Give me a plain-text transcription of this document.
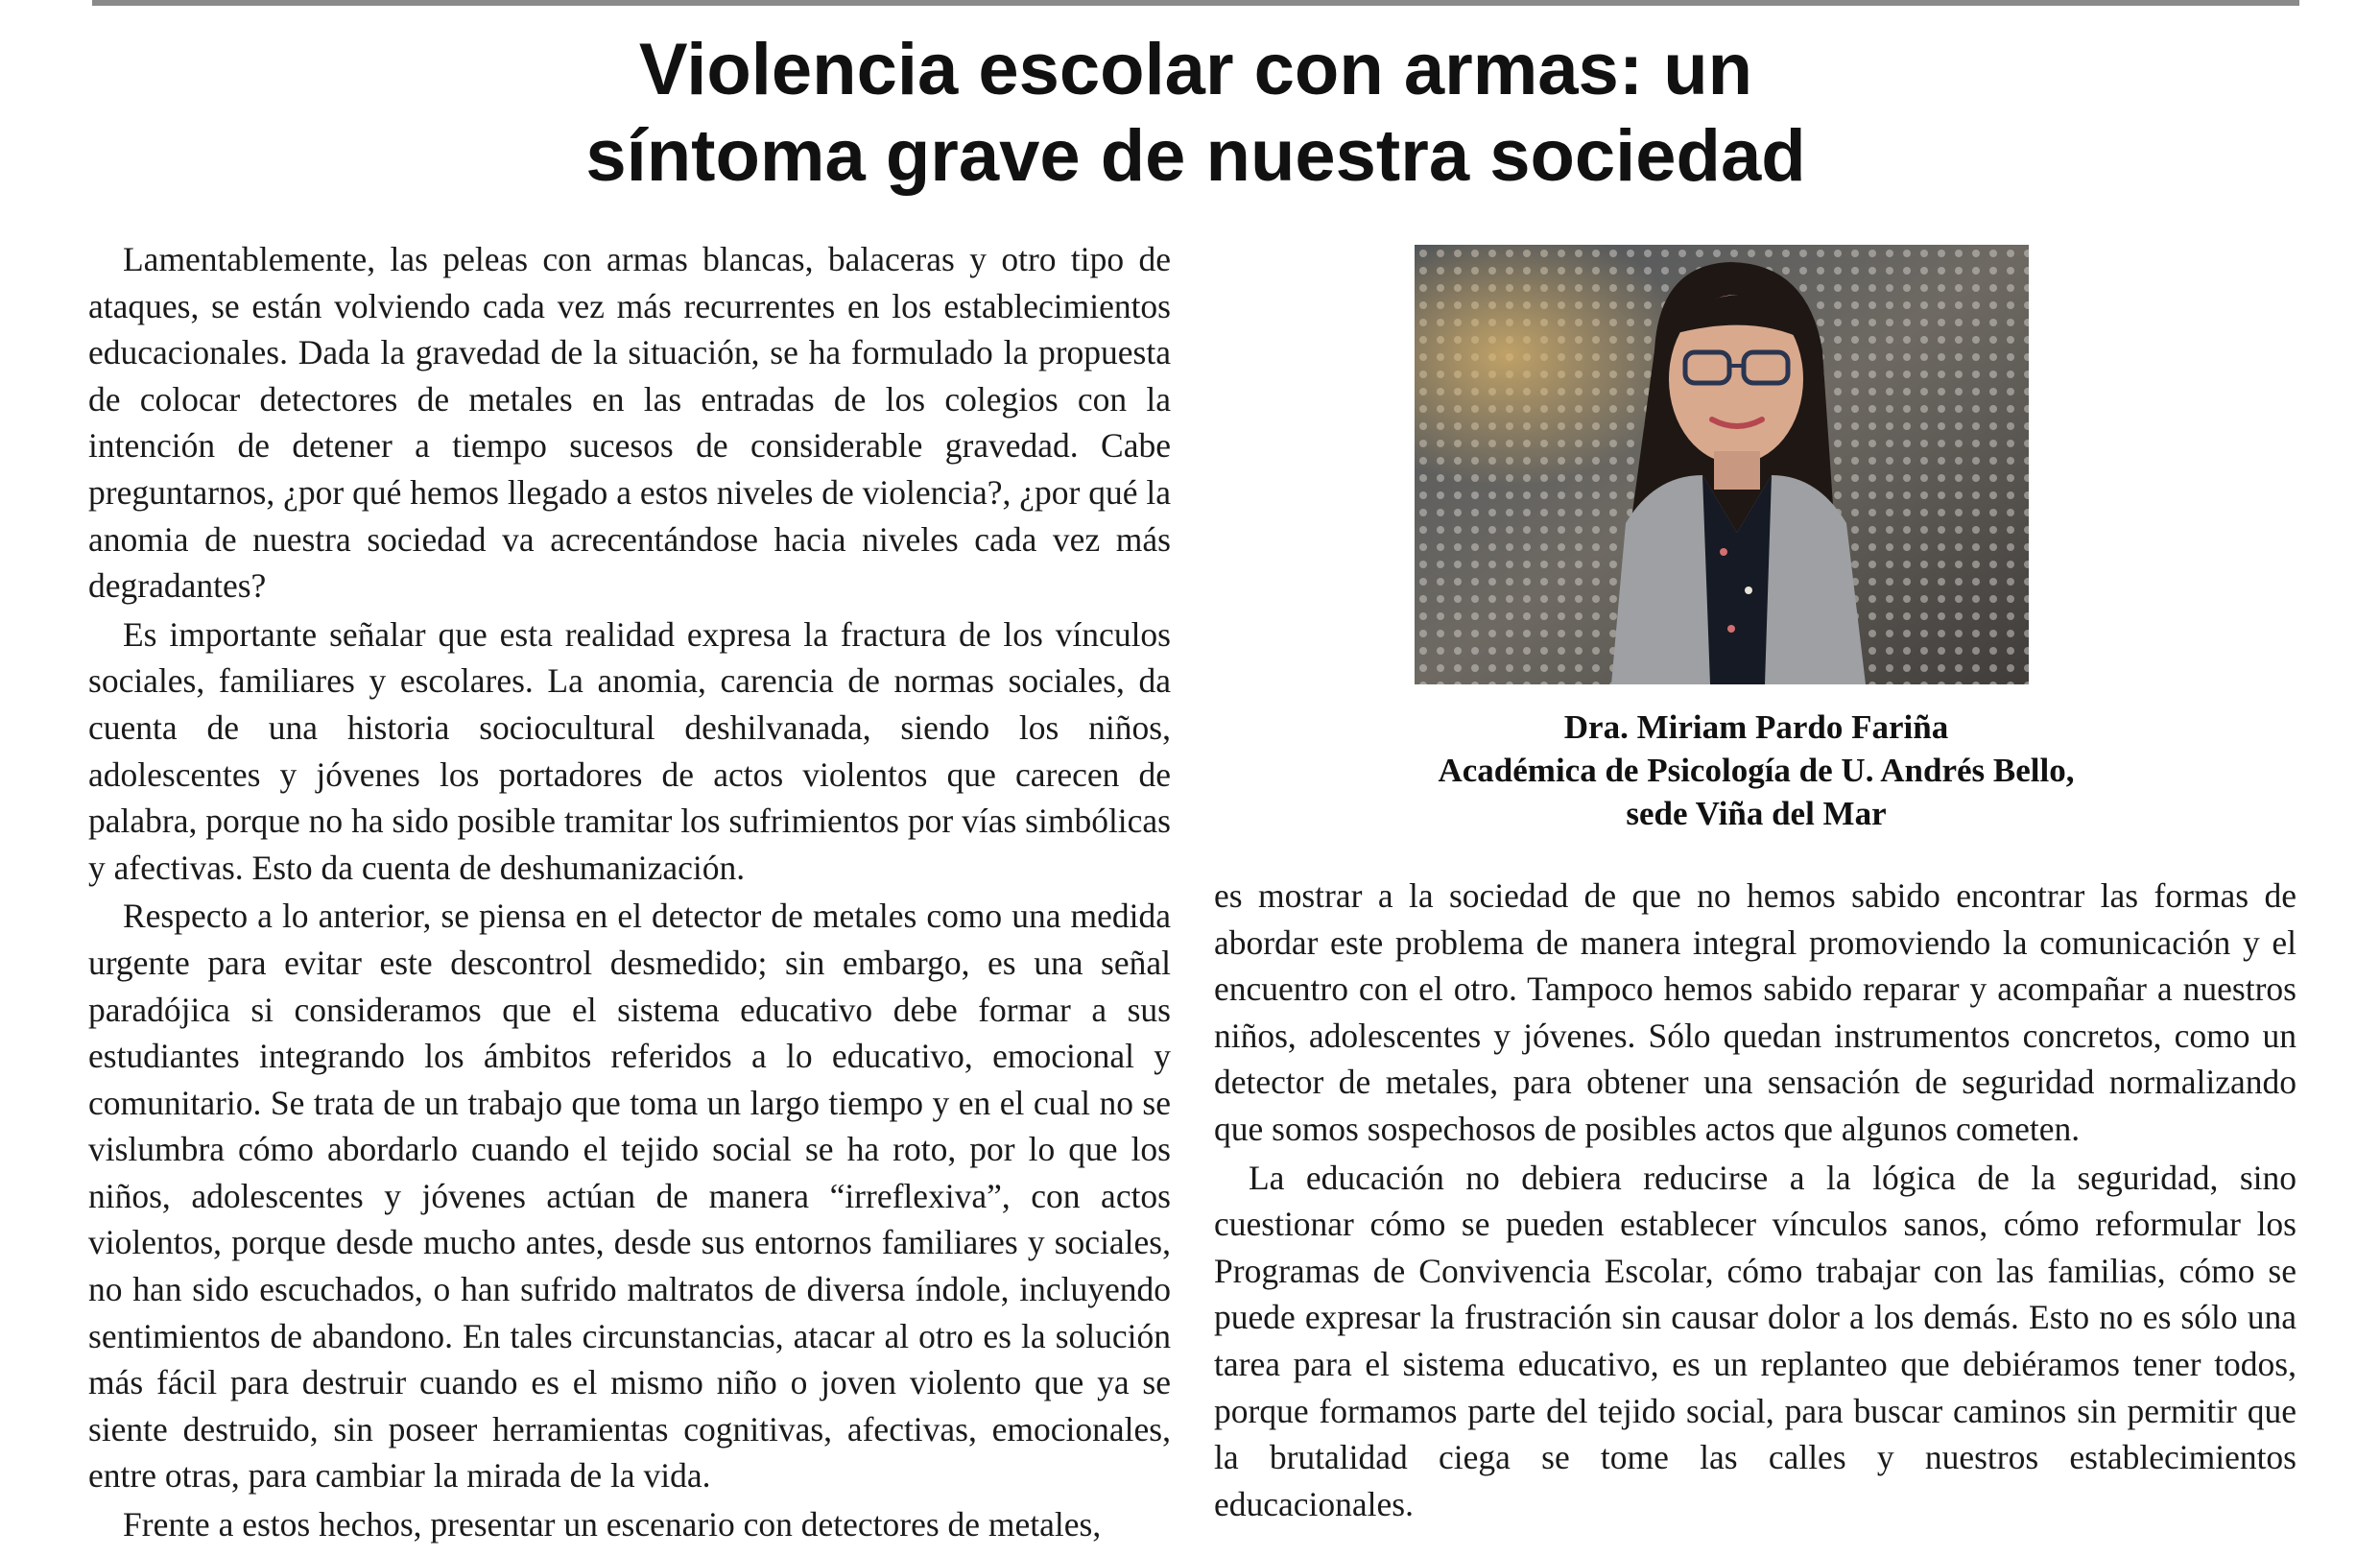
Violencia escolar con armas: un
síntoma grave de nuestra sociedad

Lamentablemente, las peleas con armas blancas, balaceras y otro tipo de ataques, se están volviendo cada vez más recurrentes en los establecimientos educacionales. Dada la gravedad de la situación, se ha formulado la propuesta de colocar detectores de metales en las entradas de los colegios con la intención de detener a tiempo sucesos de considerable gravedad. Cabe preguntarnos, ¿por qué hemos llegado a estos niveles de violencia?, ¿por qué la anomia de nuestra sociedad va acrecentándose hacia niveles cada vez más degradantes?

Es importante señalar que esta realidad expresa la fractura de los vínculos sociales, familiares y escolares. La anomia, carencia de normas sociales, da cuenta de una historia sociocultural deshilvanada, siendo los niños, adolescentes y jóvenes los portadores de actos violentos que carecen de palabra, porque no ha sido posible tramitar los sufrimientos por vías simbólicas y afectivas. Esto da cuenta de deshumanización.

Respecto a lo anterior, se piensa en el detector de metales como una medida urgente para evitar este descontrol desmedido; sin embargo, es una señal paradójica si consideramos que el sistema educativo debe formar a sus estudiantes integrando los ámbitos referidos a lo educativo, emocional y comunitario. Se trata de un trabajo que toma un largo tiempo y en el cual no se vislumbra cómo abordarlo cuando el tejido social se ha roto, por lo que los niños, adolescentes y jóvenes actúan de manera “irreflexiva”, con actos violentos, porque desde mucho antes, desde sus entornos familiares y sociales, no han sido escuchados, o han sufrido maltratos de diversa índole, incluyendo sentimientos de abandono. En tales circunstancias, atacar al otro es la solución más fácil para destruir cuando es el mismo niño o joven violento que ya se siente destruido, sin poseer herramientas cognitivas, afectivas, emocionales, entre otras, para cambiar la mirada de la vida.

Frente a estos hechos, presentar un escenario con detectores de metales,

Dra. Miriam Pardo Fariña
Académica de Psicología de U. Andrés Bello,
sede Viña del Mar

es mostrar a la sociedad de que no hemos sabido encontrar las formas de abordar este problema de manera integral promoviendo la comunicación y el encuentro con el otro. Tampoco hemos sabido reparar y acompañar a nuestros niños, adolescentes y jóvenes. Sólo quedan instrumentos concretos, como un detector de metales, para obtener una sensación de seguridad normalizando que somos sospechosos de posibles actos que algunos cometen.

La educación no debiera reducirse a la lógica de la seguridad, sino cuestionar cómo se pueden establecer vínculos sanos, cómo reformular los Programas de Convivencia Escolar, cómo trabajar con las familias, cómo se puede expresar la frustración sin causar dolor a los demás. Esto no es sólo una tarea para el sistema educativo, es un replanteo que debiéramos tener todos, porque formamos parte del tejido social, para buscar caminos sin permitir que la brutalidad ciega se tome las calles y nuestros establecimientos educacionales.
